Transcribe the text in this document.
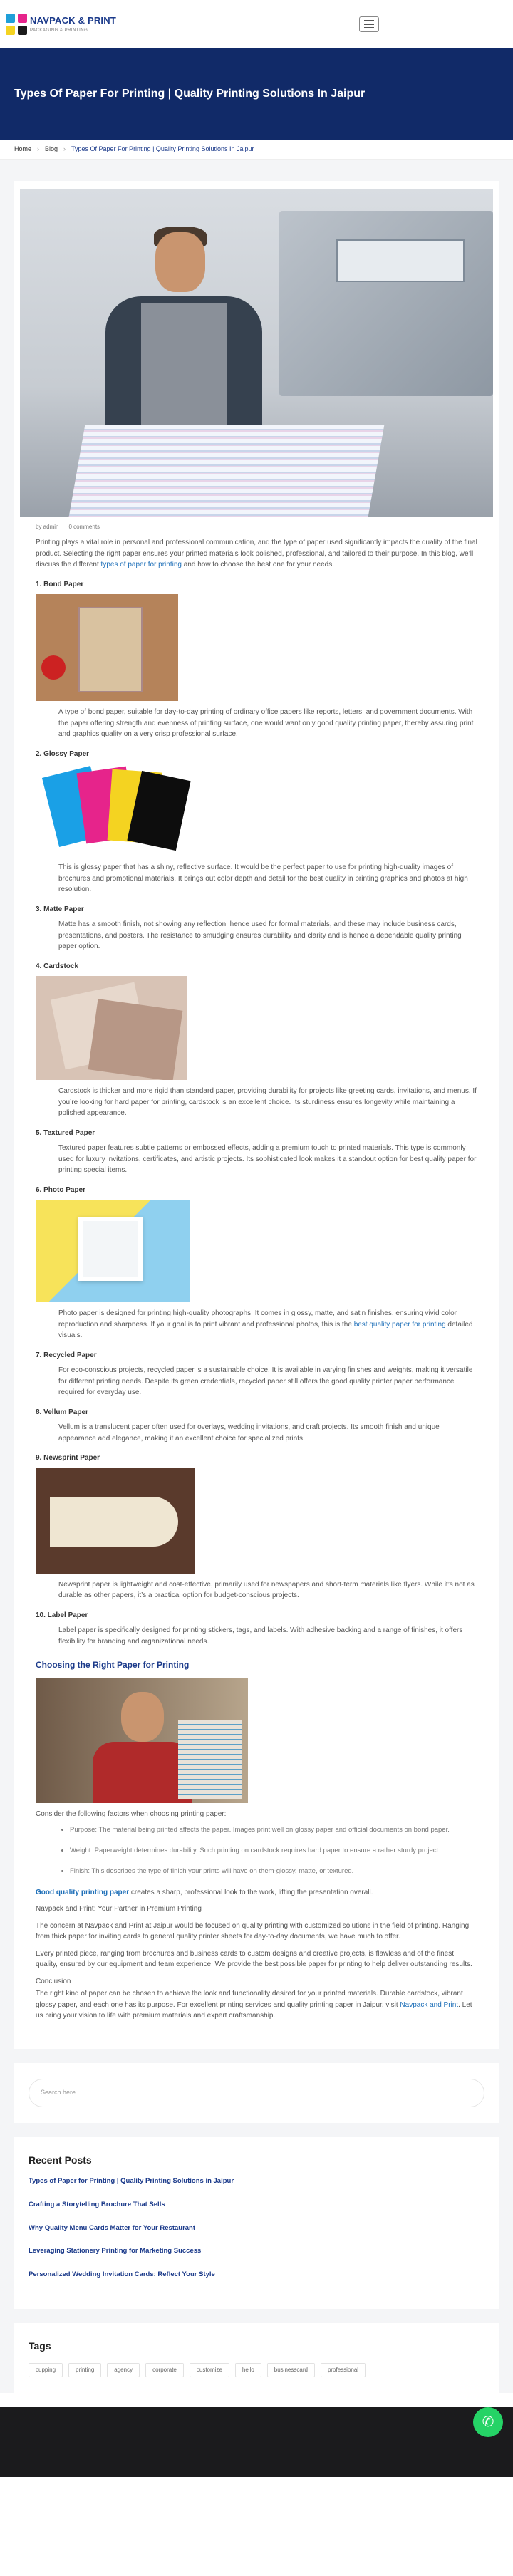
NAVPACK & PRINT
PACKAGING & PRINTING
Types Of Paper For Printing | Quality Printing Solutions In Jaipur
Home › Blog › Types Of Paper For Printing | Quality Printing Solutions In Jaipur
by admin 0 comments

Printing plays a vital role in personal and professional communication, and the type of paper used significantly impacts the quality of the final product. Selecting the right paper ensures your printed materials look polished, professional, and tailored to their purpose. In this blog, we’ll discuss the different types of paper for printing and how to choose the best one for your needs.

1. Bond Paper

A type of bond paper, suitable for day-to-day printing of ordinary office papers like reports, letters, and government documents. With the paper offering strength and evenness of printing surface, one would want only good quality printing paper, thereby assuring print and graphics quality on a very crisp professional surface.

2. Glossy Paper

This is glossy paper that has a shiny, reflective surface. It would be the perfect paper to use for printing high-quality images of brochures and promotional materials. It brings out color depth and detail for the best quality in printing graphics and photos at high resolution.

3. Matte Paper

Matte has a smooth finish, not showing any reflection, hence used for formal materials, and these may include business cards, presentations, and posters. The resistance to smudging ensures durability and clarity and is hence a dependable quality printing paper option.

4. Cardstock

Cardstock is thicker and more rigid than standard paper, providing durability for projects like greeting cards, invitations, and menus. If you’re looking for hard paper for printing, cardstock is an excellent choice. Its sturdiness ensures longevity while maintaining a polished appearance.

5. Textured Paper

Textured paper features subtle patterns or embossed effects, adding a premium touch to printed materials. This type is commonly used for luxury invitations, certificates, and artistic projects. Its sophisticated look makes it a standout option for best quality paper for printing special items.

6. Photo Paper

Photo paper is designed for printing high-quality photographs. It comes in glossy, matte, and satin finishes, ensuring vivid color reproduction and sharpness. If your goal is to print vibrant and professional photos, this is the best quality paper for printing detailed visuals.

7. Recycled Paper

For eco-conscious projects, recycled paper is a sustainable choice. It is available in varying finishes and weights, making it versatile for different printing needs. Despite its green credentials, recycled paper still offers the good quality printer paper performance required for everyday use.

8. Vellum Paper

Vellum is a translucent paper often used for overlays, wedding invitations, and craft projects. Its smooth finish and unique appearance add elegance, making it an excellent choice for specialized prints.

9. Newsprint Paper

Newsprint paper is lightweight and cost-effective, primarily used for newspapers and short-term materials like flyers. While it’s not as durable as other papers, it’s a practical option for budget-conscious projects.

10. Label Paper

Label paper is specifically designed for printing stickers, tags, and labels. With adhesive backing and a range of finishes, it offers flexibility for branding and organizational needs.

Choosing the Right Paper for Printing

Consider the following factors when choosing printing paper:

• Purpose: The material being printed affects the paper. Images print well on glossy paper and official documents on bond paper.
• Weight: Paperweight determines durability. Such printing on cardstock requires hard paper to ensure a rather sturdy project.
• Finish: This describes the type of finish your prints will have on them-glossy, matte, or textured.

Good quality printing paper creates a sharp, professional look to the work, lifting the presentation overall.

Navpack and Print: Your Partner in Premium Printing

The concern at Navpack and Print at Jaipur would be focused on quality printing with customized solutions in the field of printing. Ranging from thick paper for inviting cards to general quality printer sheets for day-to-day documents, we have much to offer.

Every printed piece, ranging from brochures and business cards to custom designs and creative projects, is flawless and of the finest quality, ensured by our equipment and team experience. We provide the best possible paper for printing to help deliver outstanding results.

Conclusion

The right kind of paper can be chosen to achieve the look and functionality desired for your printed materials. Durable cardstock, vibrant glossy paper, and each one has its purpose. For excellent printing services and quality printing paper in Jaipur, visit Navpack and Print. Let us bring your vision to life with premium materials and expert craftsmanship.

Search here...
Recent Posts
Types of Paper for Printing | Quality Printing Solutions in Jaipur
Crafting a Storytelling Brochure That Sells
Why Quality Menu Cards Matter for Your Restaurant
Leveraging Stationery Printing for Marketing Success
Personalized Wedding Invitation Cards: Reflect Your Style
Tags
cupping	printing	agency	corporate	customize	hello	businesscard	professional
✆
